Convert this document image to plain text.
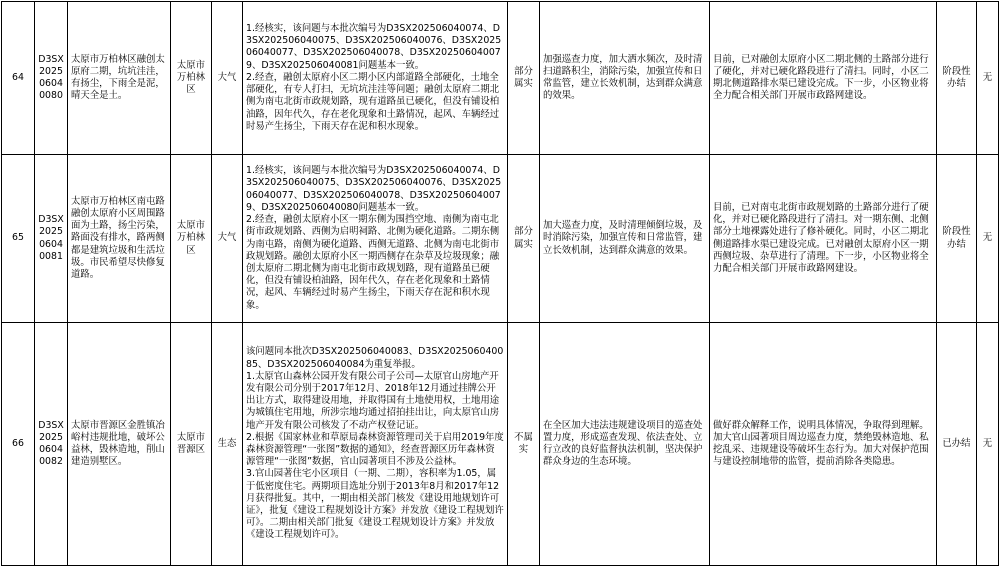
64	D3SX202506040080	太原市万柏林区融创太原府二期，坑坑洼洼，有扬尘，下雨全是泥，晴天全是土。	太原市万柏林区	大气	1.经核实，该问题与本批次编号为D3SX202506040074、D3SX202506040075、D3SX202506040076、D3SX202506040077、D3SX202506040078、D3SX202506040079、D3SX202506040081问题基本一致。
2.经查，融创太原府小区二期小区内部道路全部硬化，土地全部硬化，有专人打扫，无坑坑洼洼等问题；融创太原府二期北侧为南屯北街市政规划路，现有道路虽已硬化，但没有铺设柏油路，因年代久，存在老化现象和土路情况，起风、车辆经过时易产生扬尘，下雨天存在泥和积水现象。	部分属实	加强巡查力度，加大洒水频次，及时清扫道路积尘，消除污染，加强宣传和日常监管，建立长效机制，达到群众满意的效果。	目前，已对融创太原府小区二期北侧的土路部分进行了硬化，并对已硬化路段进行了清扫。同时，小区二期北侧道路排水渠已建设完成。下一步，小区物业将全力配合相关部门开展市政路网建设。	阶段性办结	无
65	D3SX202506040081	太原市万柏林区南屯路融创太原府小区周围路面为土路，扬尘污染，路面没有排水，路两侧都是建筑垃圾和生活垃圾。市民希望尽快修复道路。	太原市万柏林区	大气	1.经核实，该问题与本批次编号为D3SX202506040074、D3SX202506040075、D3SX202506040076、D3SX202506040077、D3SX202506040078、D3SX202506040079、D3SX202506040080问题基本一致。
2.经查，融创太原府小区一期东侧为围挡空地、南侧为南屯北街市政规划路、西侧为启明祠路、北侧为硬化道路。二期东侧为南屯路，南侧为硬化道路、西侧无道路、北侧为南屯北街市政规划路。融创太原府小区一期西侧存在杂草及垃圾现象；融创太原府二期北侧为南屯北街市政规划路，现有道路虽已硬化，但没有铺设柏油路，因年代久，存在老化现象和土路情况，起风、车辆经过时易产生扬尘，下雨天存在泥和积水现象。	部分属实	加大巡查力度，及时清理倾倒垃圾，及时消除污染，加强宣传和日常监管，建立长效机制，达到群众满意的效果。	目前，已对南屯北街市政规划路的土路部分进行了硬化，并对已硬化路段进行了清扫。对一期东侧、北侧部分土地裸露处进行了修补硬化。同时，小区二期北侧道路排水渠已建设完成。已对融创太原府小区一期西侧垃圾、杂草进行了清理。下一步，小区物业将全力配合相关部门开展市政路网建设。	阶段性办结	无
66	D3SX202506040082	太原市晋源区金胜镇冶峪村违规批地，破坏公益林，毁林造地，削山建造别墅区。	太原市晋源区	生态	该问题同本批次D3SX202506040083、D3SX202506040085、D3SX202506040084为重复举报。
1.太原官山森林公园开发有限公司子公司—太原官山房地产开发有限公司分别于2017年12月、2018年12月通过挂牌公开出让方式，取得建设用地，并取得国有土地使用权，土地用途为城镇住宅用地，所涉宗地均通过招拍挂出让，向太原官山房地产开发有限公司核发了不动产权登记证。
2.根据《国家林业和草原局森林资源管理司关于启用2019年度森林资源管理“一张图”数据的通知》，经查晋源区历年森林资源管理“一张图”数据，官山园著项目不涉及公益林。
3.官山园著住宅小区项目（一期、二期），容积率为1.05，属于低密度住宅。两期项目选址分别于2013年8月和2017年12月获得批复。其中，一期由相关部门核发《建设用地规划许可证》，批复《建设工程规划设计方案》并发放《建设工程规划许可》。二期由相关部门批复《建设工程规划设计方案》并发放《建设工程规划许可》。	不属实	在全区加大违法违规建设项目的巡查处置力度，形成巡查发现、依法查处、立行立改的良好监督执法机制，坚决保护群众身边的生态环境。	做好群众解释工作，说明具体情况，争取得到理解。加大官山园著项目周边巡查力度，禁绝毁林造地、私挖乱采、违规建设等破坏生态行为。加大对保护范围与建设控制地带的监管，提前消除各类隐患。	已办结	无
